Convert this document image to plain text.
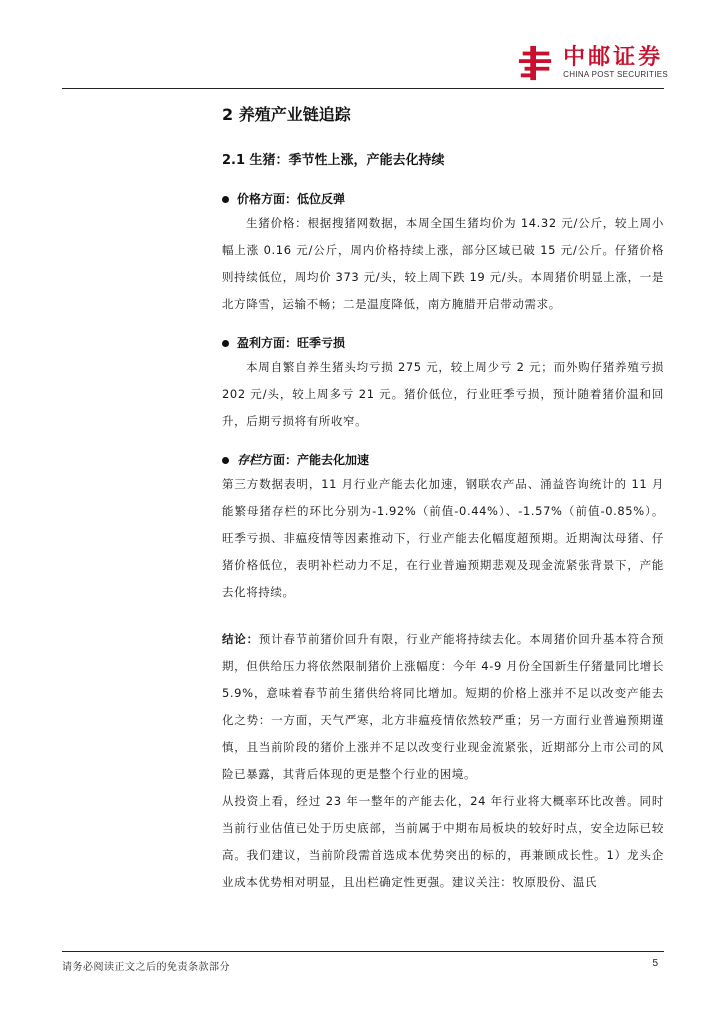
中邮证券
CHINA POST SECURITIES
2 养殖产业链追踪
2.1 生猪：季节性上涨，产能去化持续
价格方面：低位反弹

生猪价格：根据搜猪网数据，本周全国生猪均价为 14.32 元/公斤，较上周小幅上涨 0.16 元/公斤，周内价格持续上涨，部分区域已破 15 元/公斤。仔猪价格则持续低位，周均价 373 元/头，较上周下跌 19 元/头。本周猪价明显上涨，一是北方降雪，运输不畅；二是温度降低，南方腌腊开启带动需求。

盈利方面：旺季亏损

本周自繁自养生猪头均亏损 275 元，较上周少亏 2 元；而外购仔猪养殖亏损 202 元/头，较上周多亏 21 元。猪价低位，行业旺季亏损，预计随着猪价温和回升，后期亏损将有所收窄。

存栏 方面：产能去化加速

第三方数据表明，11 月行业产能去化加速，钢联农产品、涌益咨询统计的 11 月能繁母猪存栏的环比分别为-1.92%（前值-0.44%）、-1.57%（前值-0.85%）。旺季亏损、非瘟疫情等因素推动下，行业产能去化幅度超预期。近期淘汰母猪、仔猪价格低位，表明补栏动力不足，在行业普遍预期悲观及现金流紧张背景下，产能去化将持续。

结论：预计春节前猪价回升有限，行业产能将持续去化。本周猪价回升基本符合预期，但供给压力将依然限制猪价上涨幅度：今年 4-9 月份全国新生仔猪量同比增长 5.9%，意味着春节前生猪供给将同比增加。短期的价格上涨并不足以改变产能去化之势：一方面，天气严寒，北方非瘟疫情依然较严重；另一方面行业普遍预期谨慎，且当前阶段的猪价上涨并不足以改变行业现金流紧张，近期部分上市公司的风险已暴露，其背后体现的更是整个行业的困境。

从投资上看，经过 23 年一整年的产能去化，24 年行业将大概率环比改善。同时当前行业估值已处于历史底部，当前属于中期布局板块的较好时点，安全边际已较高。我们建议，当前阶段需首选成本优势突出的标的，再兼顾成长性。1）龙头企业成本优势相对明显，且出栏确定性更强。建议关注：牧原股份、温氏

请务必阅读正文之后的免责条款部分	5
